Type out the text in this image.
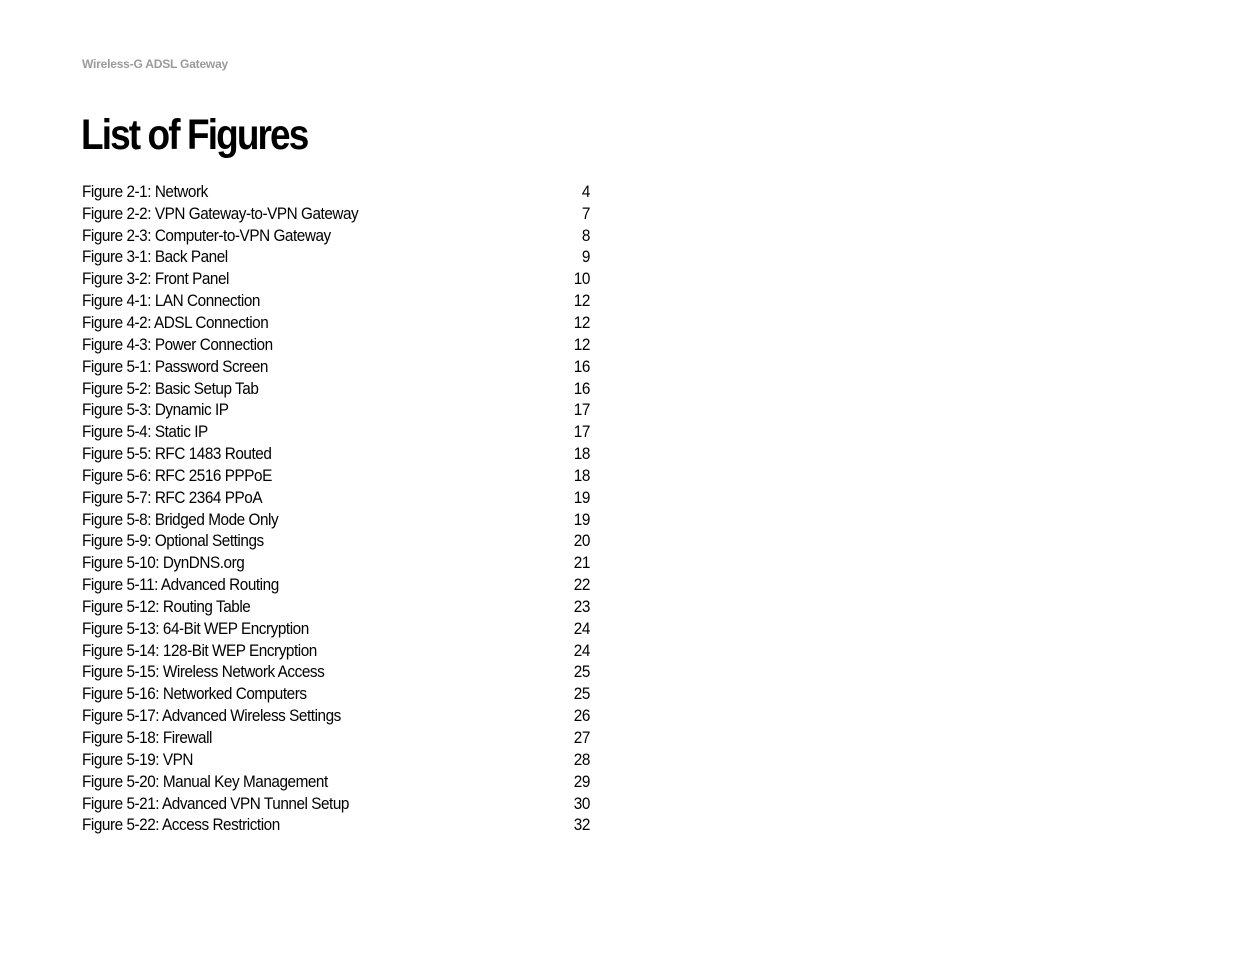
Wireless-G ADSL Gateway
List of Figures
Figure 2-1: Network	4
Figure 2-2: VPN Gateway-to-VPN Gateway	7
Figure 2-3: Computer-to-VPN Gateway	8
Figure 3-1: Back Panel	9
Figure 3-2: Front Panel	10
Figure 4-1: LAN Connection	12
Figure 4-2: ADSL Connection	12
Figure 4-3: Power Connection	12
Figure 5-1: Password Screen	16
Figure 5-2: Basic Setup Tab	16
Figure 5-3: Dynamic IP	17
Figure 5-4: Static IP	17
Figure 5-5: RFC 1483 Routed	18
Figure 5-6: RFC 2516 PPPoE	18
Figure 5-7: RFC 2364 PPoA	19
Figure 5-8: Bridged Mode Only	19
Figure 5-9: Optional Settings	20
Figure 5-10: DynDNS.org	21
Figure 5-11: Advanced Routing	22
Figure 5-12: Routing Table	23
Figure 5-13: 64-Bit WEP Encryption	24
Figure 5-14: 128-Bit WEP Encryption	24
Figure 5-15: Wireless Network Access	25
Figure 5-16: Networked Computers	25
Figure 5-17: Advanced Wireless Settings	26
Figure 5-18: Firewall	27
Figure 5-19: VPN	28
Figure 5-20: Manual Key Management	29
Figure 5-21: Advanced VPN Tunnel Setup	30
Figure 5-22: Access Restriction	32
